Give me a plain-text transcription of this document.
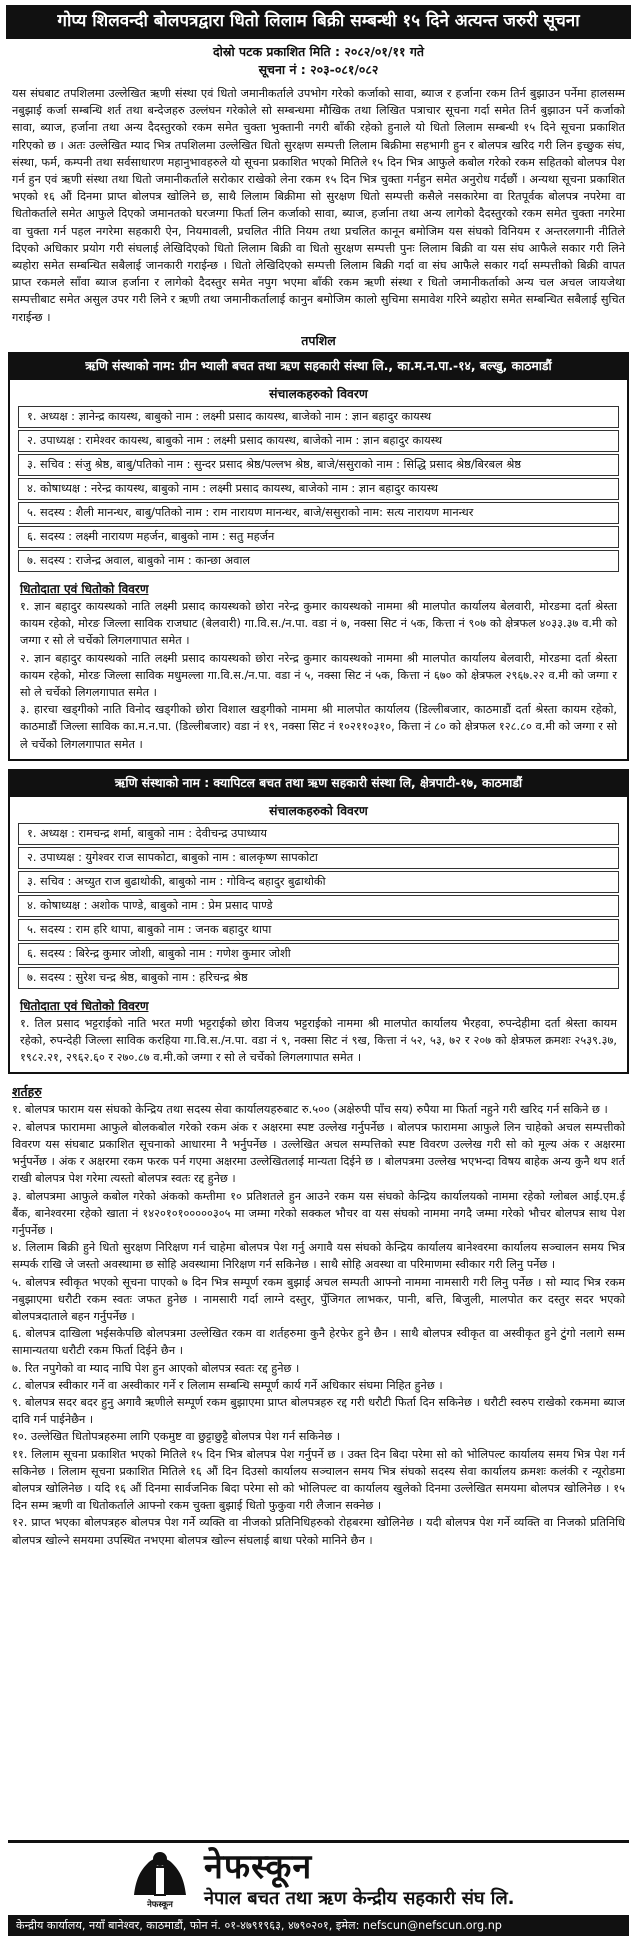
गोप्य शिलवन्दी बोलपत्रद्वारा धितो लिलाम बिक्री सम्बन्धी १५ दिने अत्यन्त जरुरी सूचना
दोस्रो पटक प्रकाशित मिति : २०८२/०१/११ गते
सूचना नं : २०३-०८१/०८२

यस संघबाट तपशिलमा उल्लेखित ऋणी संस्था एवं धितो जमानीकर्ताले उपभोग गरेको कर्जाको सावा, ब्याज र हर्जाना रकम तिर्न बुझाउन पर्नेमा हालसम्म नबुझाई कर्जा सम्बन्धि शर्त तथा बन्देजहरु उल्लंघन गरेकोले सो सम्बन्धमा मौखिक तथा लिखित पत्राचार सूचना गर्दा समेत तिर्न बुझाउन पर्ने कर्जाको सावा, ब्याज, हर्जाना तथा अन्य दैदस्तुरको रकम समेत चुक्ता भुक्तानी नगरी बाँकी रहेको हुनाले यो धितो लिलाम सम्बन्धी १५ दिने सूचना प्रकाशित गरिएको छ । अतः उल्लेखित म्याद भित्र तपशिलमा उल्लेखित धितो सुरक्षण सम्पत्ती लिलाम बिक्रीमा सहभागी हुन र बोलपत्र खरिद गरी लिन इच्छुक संघ, संस्था, फर्म, कम्पनी तथा सर्वसाधारण महानुभावहरुले यो सूचना प्रकाशित भएको मितिले १५ दिन भित्र आफुले कबोल गरेको रकम सहितको बोलपत्र पेश गर्न हुन एवं ऋणी संस्था तथा धितो जमानीकर्ताले सरोकार राखेको लेना रकम १५ दिन भित्र चुक्ता गर्नहुन समेत अनुरोध गर्दछौं । अन्यथा सूचना प्रकाशित भएको १६ औं दिनमा प्राप्त बोलपत्र खोलिने छ, साथै लिलाम बिक्रीमा सो सुरक्षण धितो सम्पत्ती कसैले नसकारेमा वा रितपूर्वक बोलपत्र नपरेमा वा धितोकर्ताले समेत आफुले दिएको जमानतको घरजग्गा फिर्ता लिन कर्जाको सावा, ब्याज, हर्जाना तथा अन्य लागेको दैदस्तुरको रकम समेत चुक्ता नगरेमा वा चुक्ता गर्न पहल नगरेमा सहकारी ऐन, नियमावली, प्रचलित नीति नियम तथा प्रचलित कानून बमोजिम यस संघको विनियम र अन्तरलगानी नीतिले दिएको अधिकार प्रयोग गरी संघलाई लेखिदिएको धितो लिलाम बिक्री वा धितो सुरक्षण सम्पत्ती पुनः लिलाम बिक्री वा यस संघ आफैले सकार गरी लिने ब्यहोरा समेत सम्बन्धित सबैलाई जानकारी गराईन्छ । धितो लेखिदिएको सम्पत्ती लिलाम बिक्री गर्दा वा संघ आफैले सकार गर्दा सम्पत्तीको बिक्री वापत प्राप्त रकमले साँवा ब्याज हर्जाना र लागेको दैदस्तुर समेत नपुग भएमा बाँकी रकम ऋणी संस्था र धितो जमानीकर्ताको अन्य चल अचल जायजेथा सम्पत्तीबाट समेत असुल उपर गरी लिने र ऋणी तथा जमानीकर्तालाई कानुन बमोजिम कालो सुचिमा समावेश गरिने ब्यहोरा समेत सम्बन्धित सबैलाई सुचित गराईन्छ ।

तपशिल
ऋणि संस्थाको नाम: ग्रीन भ्याली बचत तथा ऋण सहकारी संस्था लि., का.म.न.पा.-१४, बल्खु, काठमाडौं
संचालकहरुको विवरण
१. अध्यक्ष : ज्ञानेन्द्र कायस्थ, बाबुको नाम : लक्ष्मी प्रसाद कायस्थ, बाजेको नाम : ज्ञान बहादुर कायस्थ
२. उपाध्यक्ष : रामेश्वर कायस्थ, बाबुको नाम : लक्ष्मी प्रसाद कायस्थ, बाजेको नाम : ज्ञान बहादुर कायस्थ
३. सचिव : संजु श्रेष्ठ, बाबु/पतिको नाम : सुन्दर प्रसाद श्रेष्ठ/पल्लभ श्रेष्ठ, बाजे/ससुराको नाम : सिद्धि प्रसाद श्रेष्ठ/बिरबल श्रेष्ठ
४. कोषाध्यक्ष : नरेन्द्र कायस्थ, बाबुको नाम : लक्ष्मी प्रसाद कायस्थ, बाजेको नाम : ज्ञान बहादुर कायस्थ
५. सदस्य : शैली मानन्धर, बाबु/पतिको नाम : राम नारायण मानन्धर, बाजे/ससुराको नाम: सत्य नारायण मानन्धर
६. सदस्य : लक्ष्मी नारायण महर्जन, बाबुको नाम : सतु महर्जन
७. सदस्य : राजेन्द्र अवाल, बाबुको नाम : कान्छा अवाल
धितोदाता एवं धितोको विवरण

१. ज्ञान बहादुर कायस्थको नाति लक्ष्मी प्रसाद कायस्थको छोरा नरेन्द्र कुमार कायस्थको नाममा श्री मालपोत कार्यालय बेलवारी, मोरङमा दर्ता श्रेस्ता कायम रहेको, मोरङ जिल्ला साविक राजघाट (बेलवारी) गा.वि.स./न.पा. वडा नं ७, नक्सा सिट नं ५क, कित्ता नं ९०७ को क्षेत्रफल ४०३३.३७ व.मी को जग्गा र सो ले चर्चेको लिगलगापात समेत ।

२. ज्ञान बहादुर कायस्थको नाति लक्ष्मी प्रसाद कायस्थको छोरा नरेन्द्र कुमार कायस्थको नाममा श्री मालपोत कार्यालय बेलवारी, मोरङमा दर्ता श्रेस्ता कायम रहेको, मोरङ जिल्ला साविक मधुमल्ला गा.वि.स./न.पा. वडा नं ५, नक्सा सिट नं ५क, कित्ता नं ६७० को क्षेत्रफल २९६७.२२ व.मी को जग्गा र सो ले चर्चेको लिगलगापात समेत ।

३. हारचा खड्गीको नाति विनोद खड्गीको छोरा विशाल खड्गीको नाममा श्री मालपोत कार्यालय (डिल्लीबजार, काठमाडौं दर्ता श्रेस्ता कायम रहेको, काठमाडौं जिल्ला साविक का.म.न.पा. (डिल्लीबजार) वडा नं १९, नक्सा सिट नं १०२११०३१०, कित्ता नं ८० को क्षेत्रफल १२८.८० व.मी को जग्गा र सो ले चर्चेको लिगलगापात समेत ।

ऋणि संस्थाको नाम : क्यापिटल बचत तथा ऋण सहकारी संस्था लि, क्षेत्रपाटी-१७, काठमाडौं
संचालकहरुको विवरण
१. अध्यक्ष : रामचन्द्र शर्मा, बाबुको नाम : देवीचन्द्र उपाध्याय
२. उपाध्यक्ष : युगेश्वर राज सापकोटा, बाबुको नाम : बालकृष्ण सापकोटा
३. सचिव : अच्युत राज बुढाथोकी, बाबुको नाम : गोविन्द बहादुर बुढाथोकी
४. कोषाध्यक्ष : अशोक पाण्डे, बाबुको नाम : प्रेम प्रसाद पाण्डे
५. सदस्य : राम हरि थापा, बाबुको नाम : जनक बहादुर थापा
६. सदस्य : बिरेन्द्र कुमार जोशी, बाबुको नाम : गणेश कुमार जोशी
७. सदस्य : सुरेश चन्द्र श्रेष्ठ, बाबुको नाम : हरिचन्द्र श्रेष्ठ
धितोदाता एवं धितोको विवरण

१. तिल प्रसाद भट्टराईको नाति भरत मणी भट्टराईको छोरा विजय भट्टराईको नाममा श्री मालपोत कार्यालय भैरहवा, रुपन्देहीमा दर्ता श्रेस्ता कायम रहेको, रुपन्देही जिल्ला साविक करहिया गा.वि.स./न.पा. वडा नं ९, नक्सा सिट नं ९ख, कित्ता नं ५२, ५३, ७२ र २०७ को क्षेत्रफल क्रमशः २५३९.३७, १९८२.२१, २९६२.६० र २७०.८७ व.मी.को जग्गा र सो ले चर्चेको लिगलगापात समेत ।

शर्तहरु

१. बोलपत्र फाराम यस संघको केन्द्रिय तथा सदस्य सेवा कार्यालयहरुबाट रु.५०० (अक्षेरुपी पाँच सय) रुपैया मा फिर्ता नहुने गरी खरिद गर्न सकिने छ ।

२. बोलपत्र फाराममा आफुले बोलकबोल गरेको रकम अंक र अक्षरमा स्पष्ट उल्लेख गर्नुपर्नेछ । बोलपत्र फाराममा आफुले लिन चाहेको अचल सम्पत्तीको विवरण यस संघबाट प्रकाशित सूचनाको आधारमा नै भर्नुपर्नेछ । उल्लेखित अचल सम्पत्तिको स्पष्ट विवरण उल्लेख गरी सो को मूल्य अंक र अक्षरमा भर्नुपर्नेछ । अंक र अक्षरमा रकम फरक पर्न गएमा अक्षरमा उल्लेखितलाई मान्यता दिईने छ । बोलपत्रमा उल्लेख भएभन्दा विषय बाहेक अन्य कुनै थप शर्त राखी बोलपत्र पेश गरेमा त्यस्तो बोलपत्र स्वतः रद्द हुनेछ ।

३. बोलपत्रमा आफुले कबोल गरेको अंकको कम्तीमा १० प्रतिशतले हुन आउने रकम यस संघको केन्द्रिय कार्यालयको नाममा रहेको ग्लोबल आई.एम.ई बैंक, बानेश्वरमा रहेको खाता नं १४२०१०१०००००३०५ मा जम्मा गरेको सक्कल भौचर वा यस संघको नाममा नगदै जम्मा गरेको भौचर बोलपत्र साथ पेश गर्नुपर्नेछ ।

४. लिलाम बिक्री हुने धितो सुरक्षण निरिक्षण गर्न चाहेमा बोलपत्र पेश गर्नु अगावै यस संघको केन्द्रिय कार्यालय बानेश्वरमा कार्यालय सञ्चालन समय भित्र सम्पर्क राखि जे जस्तो अवस्थामा छ सोहि अवस्थामा निरिक्षण गर्न सकिनेछ । साथै सोहि अवस्था वा परिमाणमा स्वीकार गरी लिनु पर्नेछ ।

५. बोलपत्र स्वीकृत भएको सूचना पाएको ७ दिन भित्र सम्पूर्ण रकम बुझाई अचल सम्पती आफ्नो नाममा नामसारी गरी लिनु पर्नेछ । सो म्याद भित्र रकम नबुझाएमा धरौटी रकम स्वतः जफत हुनेछ । नामसारी गर्दा लाग्ने दस्तुर, पुँजिगत लाभकर, पानी, बत्ति, बिजुली, मालपोत कर दस्तुर सदर भएको बोलपत्रदाताले बहन गर्नुपर्नेछ ।

६. बोलपत्र दाखिला भईसकेपछि बोलपत्रमा उल्लेखित रकम वा शर्तहरुमा कुनै हेरफेर हुने छैन । साथै बोलपत्र स्वीकृत वा अस्वीकृत हुने टुंगो नलागे सम्म सामान्यतया धरौटी रकम फिर्ता दिईने छैन ।

७. रित नपुगेको वा म्याद नाघि पेश हुन आएको बोलपत्र स्वतः रद्द हुनेछ ।

८. बोलपत्र स्वीकार गर्ने वा अस्वीकार गर्ने र लिलाम सम्बन्धि सम्पूर्ण कार्य गर्ने अधिकार संघमा निहित हुनेछ ।

९. बोलपत्र सदर बदर हुनु अगावै ऋणीले सम्पूर्ण रकम बुझाएमा प्राप्त बोलपत्रहरु रद्द गरी धरौटी फिर्ता दिन सकिनेछ । धरौटी स्वरुप राखेको रकममा ब्याज दावि गर्न पाईनेछैन ।

१०. उल्लेखित धितोपत्रहरुमा लागि एकमुष्ट वा छुट्टाछुट्टै बोलपत्र पेश गर्न सकिनेछ ।

११. लिलाम सूचना प्रकाशित भएको मितिले १५ दिन भित्र बोलपत्र पेश गर्नुपर्ने छ । उक्त दिन बिदा परेमा सो को भोलिपल्ट कार्यालय समय भित्र पेश गर्न सकिनेछ । लिलाम सूचना प्रकाशित मितिले १६ औं दिन दिउसो कार्यालय सञ्चालन समय भित्र संघको सदस्य सेवा कार्यालय क्रमशः कलंकी र न्यूरोडमा बोलपत्र खोलिनेछ । यदि १६ औं दिनमा सार्वजनिक बिदा परेमा सो को भोलिपल्ट वा कार्यालय खुलेको दिनमा उल्लेखित समयमा बोलपत्र खोलिनेछ । १५ दिन सम्म ऋणी वा धितोकर्ताले आफ्नो रकम चुक्ता बुझाई धितो फुकुवा गरी लैजान सक्नेछ ।

१२. प्राप्त भएका बोलपत्रहरु बोलपत्र पेश गर्ने व्यक्ति वा नीजको प्रतिनिधिहरुको रोहबरमा खोलिनेछ । यदी बोलपत्र पेश गर्ने व्यक्ति वा निजको प्रतिनिधि बोलपत्र खोल्ने समयमा उपस्थित नभएमा बोलपत्र खोल्न संघलाई बाधा परेको मानिने छैन ।

नेफस्कून
नेफस्कून
नेपाल बचत तथा ऋण केन्द्रीय सहकारी संघ लि.
केन्द्रीय कार्यालय, नयाँ बानेश्वर, काठमाडौं, फोन नं. ०१-४७९१९६३, ४७९०२०१, इमेल: nefscun@nefscun.org.np
